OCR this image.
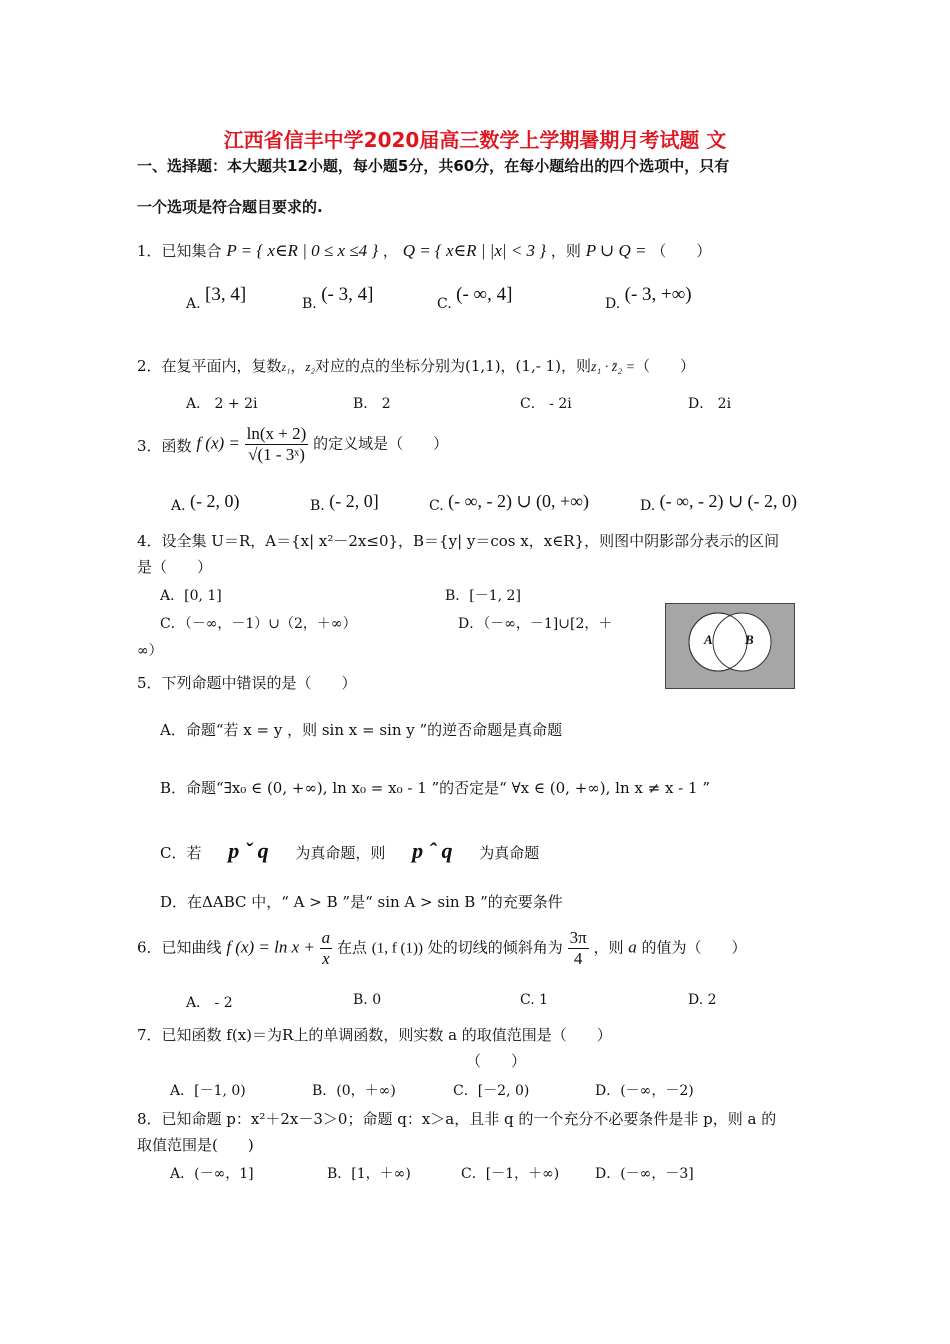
江西省信丰中学2020届高三数学上学期暑期月考试题 文
一、选择题：本大题共12小题，每小题5分，共60分，在每小题给出的四个选项中，只有
一个选项是符合题目要求的.
1．已知集合 P = { x∈R | 0 ≤ x ≤4 } ， Q = { x∈R | |x| < 3 } ，则 P ∪ Q = （　　）
A. [3, 4]	B. (- 3, 4]	C. (- ∞, 4]	D. (- 3, +∞)
2．在复平面内，复数z₁，z₂对应的点的坐标分别为(1,1)，(1,- 1)，则z₁ · z̄₂ =（　　）
A． 2 + 2i	B． 2	C． - 2i	D． 2i
3．函数 f $(x) = \frac{\ln(x + 2)}{\text{√(1 - 3ˣ)}}$ 的定义域是（　　）
A. (- 2, 0)	B. (- 2, 0]	C. (- ∞, - 2) ∪ (0, +∞)	D. (- ∞, - 2) ∪ (- 2, 0)
4．设全集 U＝R，A＝{x| x²－2x≤0}，B＝{y| y＝cos x，x∈R}，则图中阴影部分表示的区间
是（　　）
A．[0, 1]	B．[－1, 2]
C．（－∞，－1）∪（2，＋∞）	D．（－∞，－1]∪[2，＋
∞）
A B
5．下列命题中错误的是（　　）
A．命题“若 x = y ，则 sin x = sin y ”的逆否命题是真命题
B．命题“∃x₀ ∈ (0, +∞), ln x₀ = x₀ - 1 ”的否定是“ ∀x ∈ (0, +∞), ln x ≠ x - 1 ”
C．若 p ˇ q 为真命题，则 p ˆ q 为真命题
D．在ΔABC 中，“ A > B ”是“ sin A > sin B ”的充要条件
6．已知曲线 f $(x) = \ln x + \frac{a}{x}$ 在点 (1, f (1)) 处的切线的倾斜角为 $\frac{3\pi}{4}$ ，则 a 的值为（　　）
A． - 2	B. 0	C. 1	D. 2
7．已知函数 f(x)＝为R上的单调函数，则实数 a 的取值范围是（　　）
（　　）
A．[－1, 0)	B．(0，＋∞)	C．[－2, 0)	D．(－∞，－2)
8．已知命题 p：x²＋2x－3＞0；命题 q：x＞a，且非 q 的一个充分不必要条件是非 p，则 a 的
取值范围是(　　)
A．(－∞，1]	B．[1，＋∞)	C．[－1，＋∞)	D．(－∞，－3]
